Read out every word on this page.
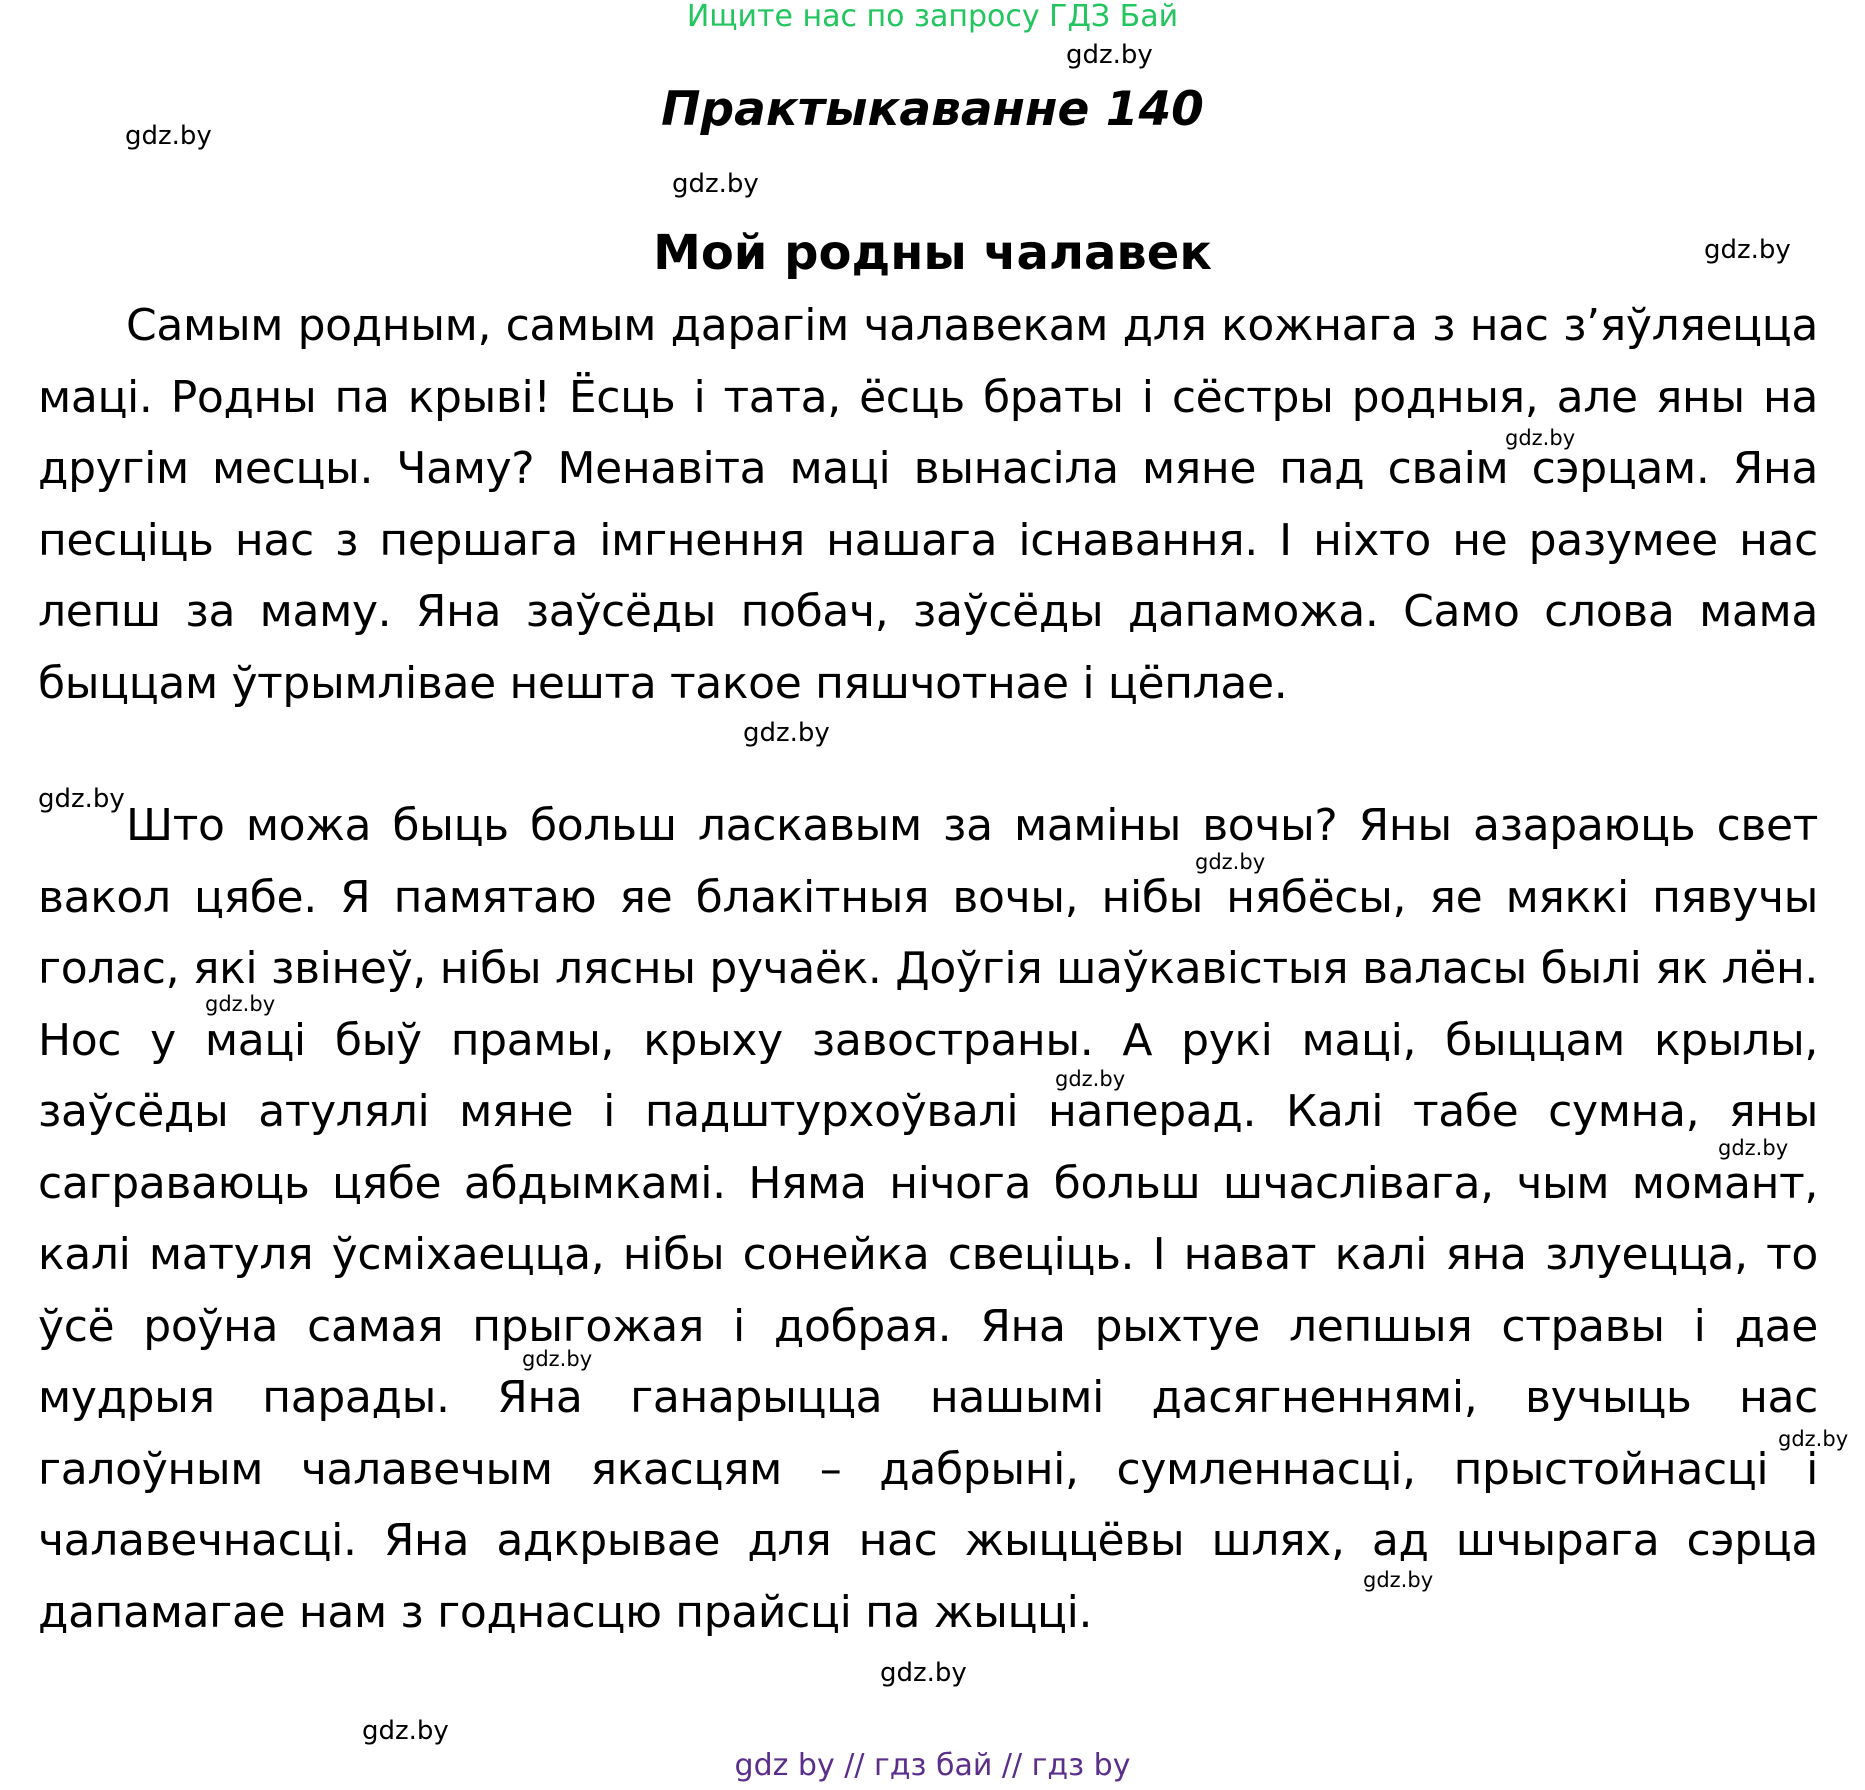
Ищите нас по запросу ГДЗ Бай
Практыкаванне 140
Мой родны чалавек

Самым родным, самым дарагім чалавекам для кожнага з нас з’яўляецца маці. Родны па крыві! Ёсць і тата, ёсць браты і сёстры родныя, але яны на другім месцы. Чаму? Менавіта маці вынасіла мяне пад сваім сэрцам. Яна песціць нас з першага імгнення нашага існавання. І ніхто не разумее нас лепш за маму. Яна заўсёды побач, заўсёды дапаможа. Само слова мама быццам ўтрымлівае нешта такое пяшчотнае і цёплае.

Што можа быць больш ласкавым за маміны вочы? Яны азараюць свет вакол цябе. Я памятаю яе блакітныя вочы, нібы нябёсы, яе мяккі пявучы голас, які звінеў, нібы лясны ручаёк. Доўгія шаўкавістыя валасы былі як лён. Нос у маці быў прамы, крыху завостраны. А рукі маці, быццам крылы, заўсёды атулялі мяне і падштурхоўвалі наперад. Калі табе сумна, яны саграваюць цябе абдымкамі. Няма нічога больш шчаслівага, чым момант, калі матуля ўсміхаецца, нібы сонейка свеціць. І нават калі яна злуецца, то ўсё роўна самая прыгожая і добрая. Яна рыхтуе лепшыя стравы і дае мудрыя парады. Яна ганарыцца нашымі дасягненнямі, вучыць нас галоўным чалавечым якасцям – дабрыні, сумленнасці, прыстойнасці і чалавечнасці. Яна адкрывае для нас жыццёвы шлях, ад шчырага сэрца дапамагае нам з годнасцю прайсці па жыцці.

gdz.by
gdz.by
gdz.by
gdz.by
gdz.by
gdz.by
gdz.by
gdz.by
gdz.by
gdz.by
gdz.by
gdz.by
gdz.by
gdz.by
gdz.by
gdz.by
gdz by // гдз бай // гдз by
